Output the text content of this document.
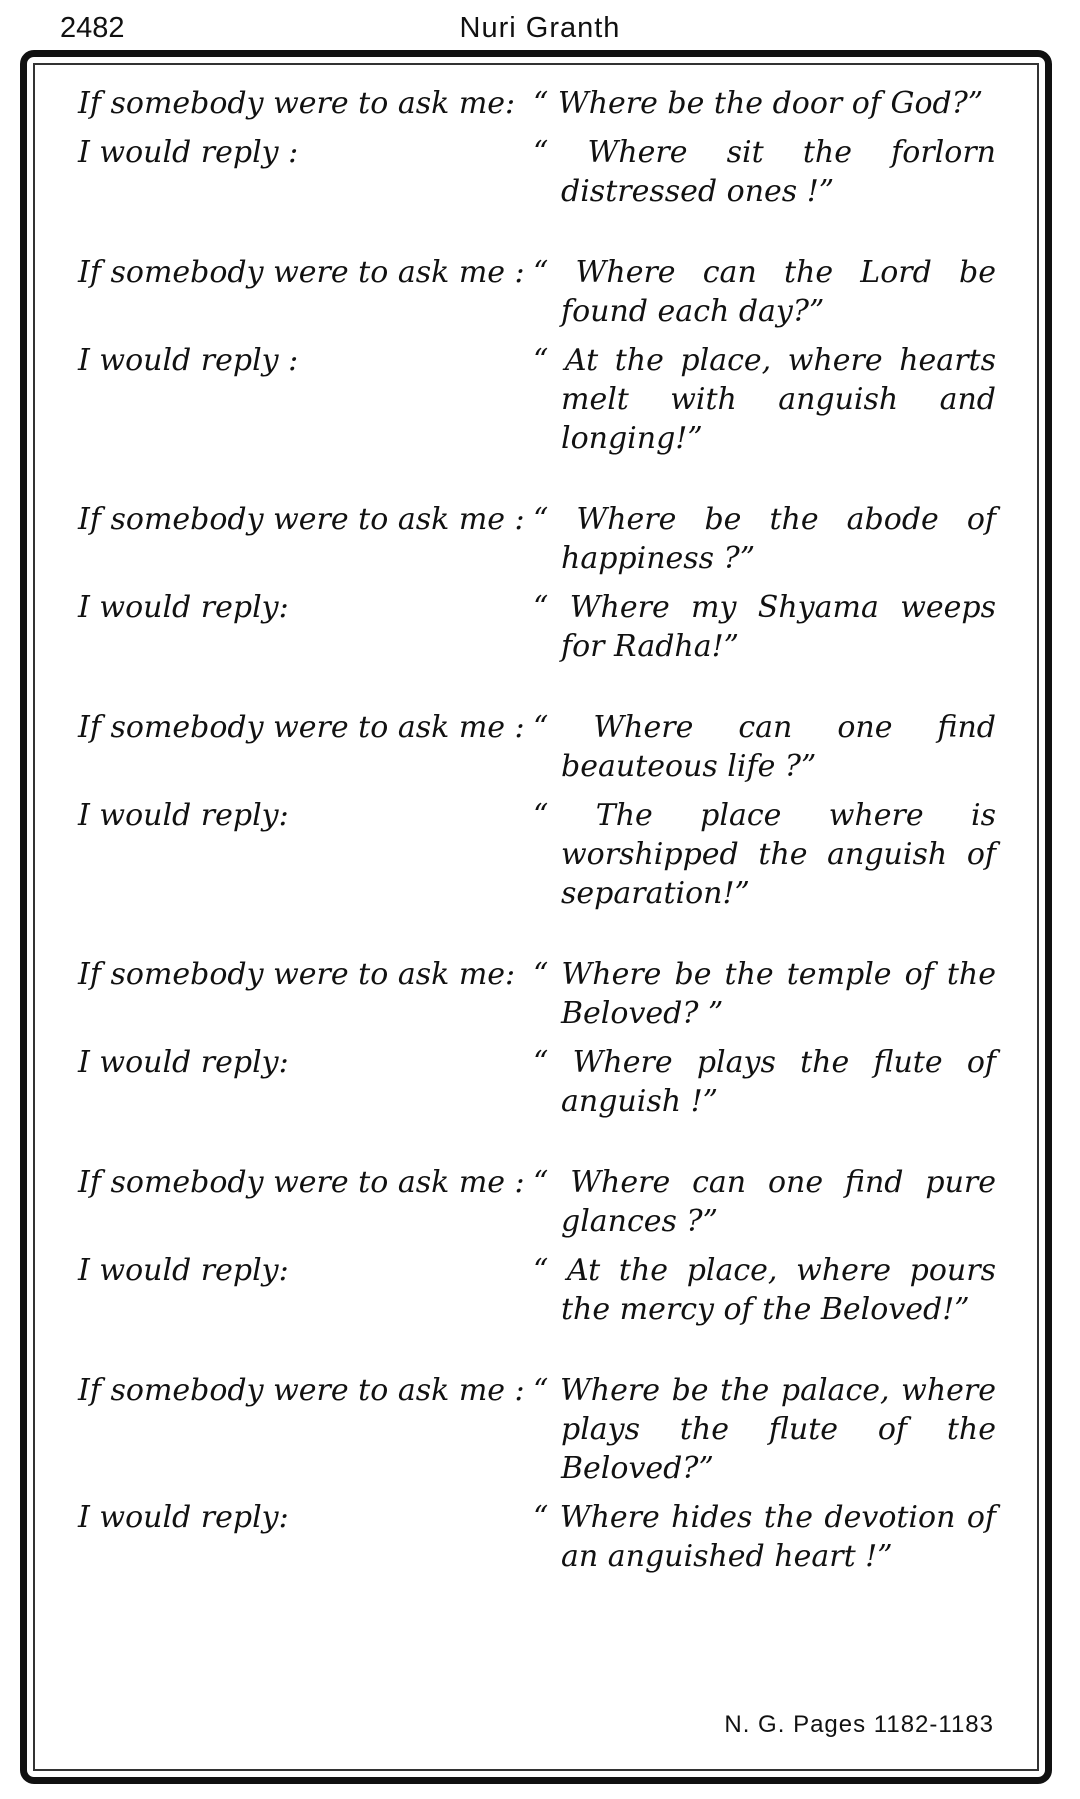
2482	Nuri Granth
If somebody were to ask me: “ Where be the door of God?”
I would reply :	“ Where sit the forlorn distressed ones !”
If somebody were to ask me : “ Where can the Lord be found each day?”
I would reply :	“ At the place, where hearts melt with anguish and longing!”
If somebody were to ask me : “ Where be the abode of happiness ?”
I would reply:	“ Where my Shyama weeps for Radha!”
If somebody were to ask me : “ Where can one find beauteous life ?”
I would reply:	“ The place where is worshipped the anguish of separation!”
If somebody were to ask me: “ Where be the temple of the Beloved? ”
I would reply:	“ Where plays the flute of anguish !”
If somebody were to ask me : “ Where can one find pure glances ?”
I would reply:	“ At the place, where pours the mercy of the Beloved!”
If somebody were to ask me : “ Where be the palace, where plays the flute of the Beloved?”
I would reply:	“ Where hides the devotion of an anguished heart !”
N. G. Pages 1182-1183
